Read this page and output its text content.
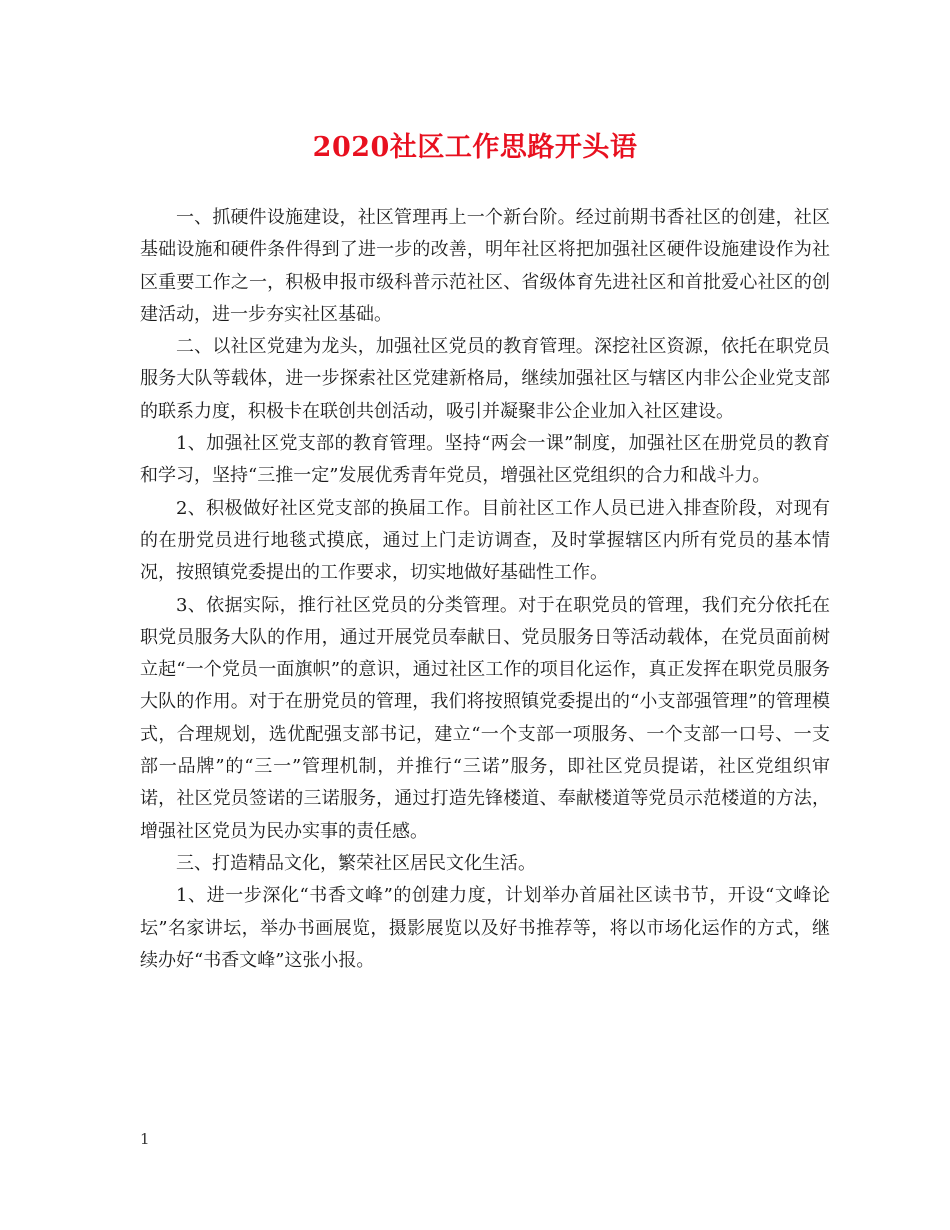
2020社区工作思路开头语

一、抓硬件设施建设，社区管理再上一个新台阶。经过前期书香社区的创建，社区基础设施和硬件条件得到了进一步的改善，明年社区将把加强社区硬件设施建设作为社区重要工作之一，积极申报市级科普示范社区、省级体育先进社区和首批爱心社区的创建活动，进一步夯实社区基础。

二、以社区党建为龙头，加强社区党员的教育管理。深挖社区资源，依托在职党员服务大队等载体，进一步探索社区党建新格局，继续加强社区与辖区内非公企业党支部的联系力度，积极卡在联创共创活动，吸引并凝聚非公企业加入社区建设。

1、加强社区党支部的教育管理。坚持“两会一课”制度，加强社区在册党员的教育和学习，坚持“三推一定”发展优秀青年党员，增强社区党组织的合力和战斗力。

2、积极做好社区党支部的换届工作。目前社区工作人员已进入排查阶段，对现有的在册党员进行地毯式摸底，通过上门走访调查，及时掌握辖区内所有党员的基本情况，按照镇党委提出的工作要求，切实地做好基础性工作。

3、依据实际，推行社区党员的分类管理。对于在职党员的管理，我们充分依托在职党员服务大队的作用，通过开展党员奉献日、党员服务日等活动载体，在党员面前树立起“一个党员一面旗帜”的意识，通过社区工作的项目化运作，真正发挥在职党员服务大队的作用。对于在册党员的管理，我们将按照镇党委提出的“小支部强管理”的管理模式，合理规划，选优配强支部书记，建立“一个支部一项服务、一个支部一口号、一支部一品牌”的“三一”管理机制，并推行“三诺”服务，即社区党员提诺，社区党组织审诺，社区党员签诺的三诺服务，通过打造先锋楼道、奉献楼道等党员示范楼道的方法，增强社区党员为民办实事的责任感。

三、打造精品文化，繁荣社区居民文化生活。

1、进一步深化“书香文峰”的创建力度，计划举办首届社区读书节，开设“文峰论坛”名家讲坛，举办书画展览，摄影展览以及好书推荐等，将以市场化运作的方式，继续办好“书香文峰”这张小报。

1
